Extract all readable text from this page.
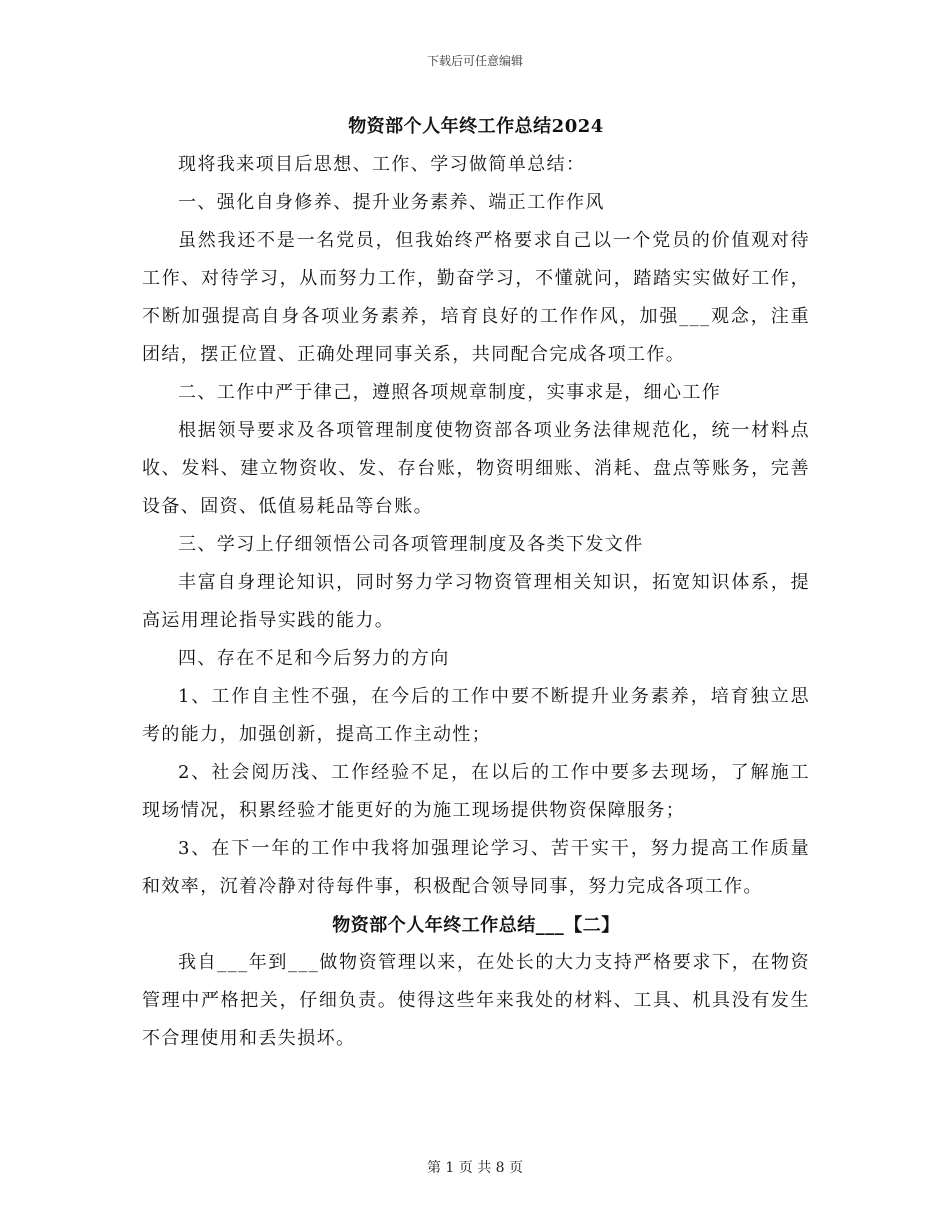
下载后可任意编辑
物资部个人年终工作总结2024

现将我来项目后思想、工作、学习做简单总结：

一、强化自身修养、提升业务素养、端正工作作风

虽然我还不是一名党员，但我始终严格要求自己以一个党员的价值观对待工作、对待学习，从而努力工作，勤奋学习，不懂就问，踏踏实实做好工作，不断加强提高自身各项业务素养，培育良好的工作作风，加强___观念，注重团结，摆正位置、正确处理同事关系，共同配合完成各项工作。

二、工作中严于律己，遵照各项规章制度，实事求是，细心工作

根据领导要求及各项管理制度使物资部各项业务法律规范化，统一材料点收、发料、建立物资收、发、存台账，物资明细账、消耗、盘点等账务，完善设备、固资、低值易耗品等台账。

三、学习上仔细领悟公司各项管理制度及各类下发文件

丰富自身理论知识，同时努力学习物资管理相关知识，拓宽知识体系，提高运用理论指导实践的能力。

四、存在不足和今后努力的方向

1、工作自主性不强，在今后的工作中要不断提升业务素养，培育独立思考的能力，加强创新，提高工作主动性；

2、社会阅历浅、工作经验不足，在以后的工作中要多去现场，了解施工现场情况，积累经验才能更好的为施工现场提供物资保障服务；

3、在下一年的工作中我将加强理论学习、苦干实干，努力提高工作质量和效率，沉着冷静对待每件事，积极配合领导同事，努力完成各项工作。

物资部个人年终工作总结___【二】

我自___年到___做物资管理以来，在处长的大力支持严格要求下，在物资管理中严格把关，仔细负责。使得这些年来我处的材料、工具、机具没有发生不合理使用和丢失损坏。

第 1 页 共 8 页
